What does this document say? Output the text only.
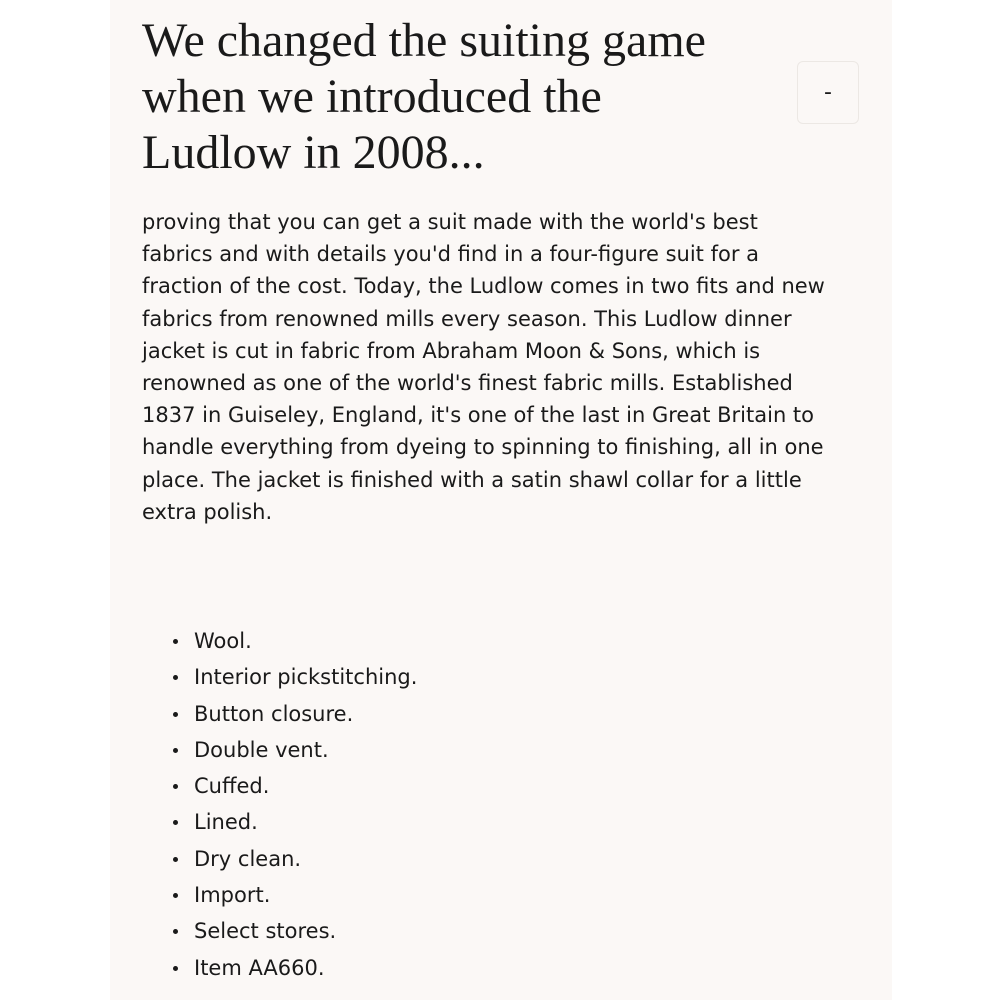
We changed the suiting game when we introduced the Ludlow in 2008...
-

proving that you can get a suit made with the world's best fabrics and with details you'd find in a four-figure suit for a fraction of the cost. Today, the Ludlow comes in two fits and new fabrics from renowned mills every season. This Ludlow dinner jacket is cut in fabric from Abraham Moon & Sons, which is renowned as one of the world's finest fabric mills. Established 1837 in Guiseley, England, it's one of the last in Great Britain to handle everything from dyeing to spinning to finishing, all in one place. The jacket is finished with a satin shawl collar for a little extra polish.

Wool.
Interior pickstitching.
Button closure.
Double vent.
Cuffed.
Lined.
Dry clean.
Import.
Select stores.
Item AA660.
